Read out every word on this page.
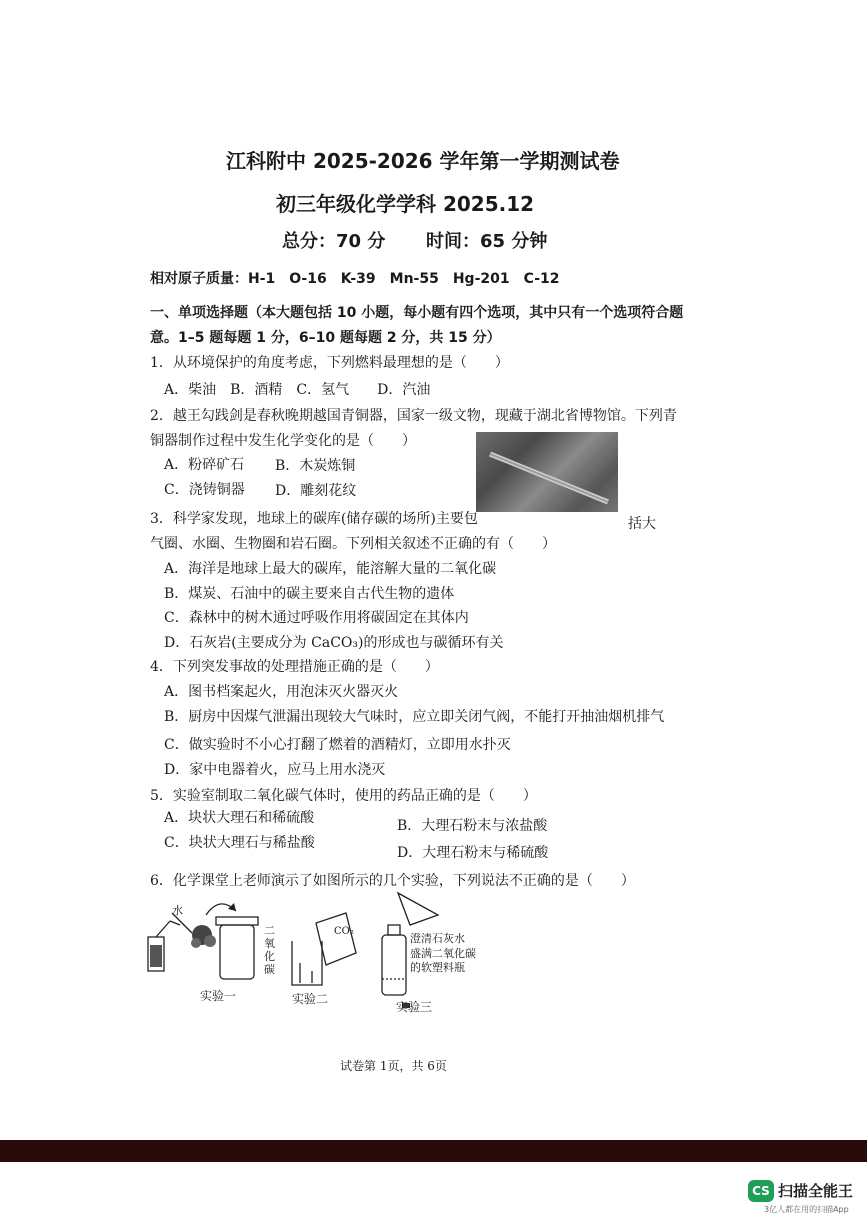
江科附中 2025-2026 学年第一学期测试卷
初三年级化学学科 2025.12
总分：70 分 时间：65 分钟
相对原子质量：H-1　O-16　K-39　Mn-55　Hg-201　C-12
一、单项选择题（本大题包括 10 小题，每小题有四个选项，其中只有一个选项符合题
意。1–5 题每题 1 分，6–10 题每题 2 分，共 15 分）
1．从环境保护的角度考虑，下列燃料最理想的是（　　）
A．柴油　B．酒精　C．氢气　　D．汽油
2．越王勾践剑是春秋晚期越国青铜器，国家一级文物，现藏于湖北省博物馆。下列青
铜器制作过程中发生化学变化的是（　　）
A．粉碎矿石 B．木炭炼铜
C．浇铸铜器 D．雕刻花纹
3．科学家发现，地球上的碳库(储存碳的场所)主要包	括大
气圈、水圈、生物圈和岩石圈。下列相关叙述不正确的有（　　）
A．海洋是地球上最大的碳库，能溶解大量的二氧化碳
B．煤炭、石油中的碳主要来自古代生物的遗体
C．森林中的树木通过呼吸作用将碳固定在其体内
D．石灰岩(主要成分为 CaCO₃)的形成也与碳循环有关
4．下列突发事故的处理措施正确的是（　　）
A．图书档案起火，用泡沫灭火器灭火
B．厨房中因煤气泄漏出现较大气味时，应立即关闭气阀，不能打开抽油烟机排气
C．做实验时不小心打翻了燃着的酒精灯，立即用水扑灭
D．家中电器着火，应马上用水浇灭
5．实验室制取二氧化碳气体时，使用的药品正确的是（　　）
A．块状大理石和稀硫酸	B．大理石粉末与浓盐酸
C．块状大理石与稀盐酸
D．大理石粉末与稀硫酸
6．化学课堂上老师演示了如图所示的几个实验，下列说法不正确的是（　　）
水
二
氧
化
碳
CO₂
澄清石灰水
盛满二氧化碳
的软塑料瓶
实验一	实验二
实验三
试卷第 1页，共 6页
CS 扫描全能王
3亿人都在用的扫描App
